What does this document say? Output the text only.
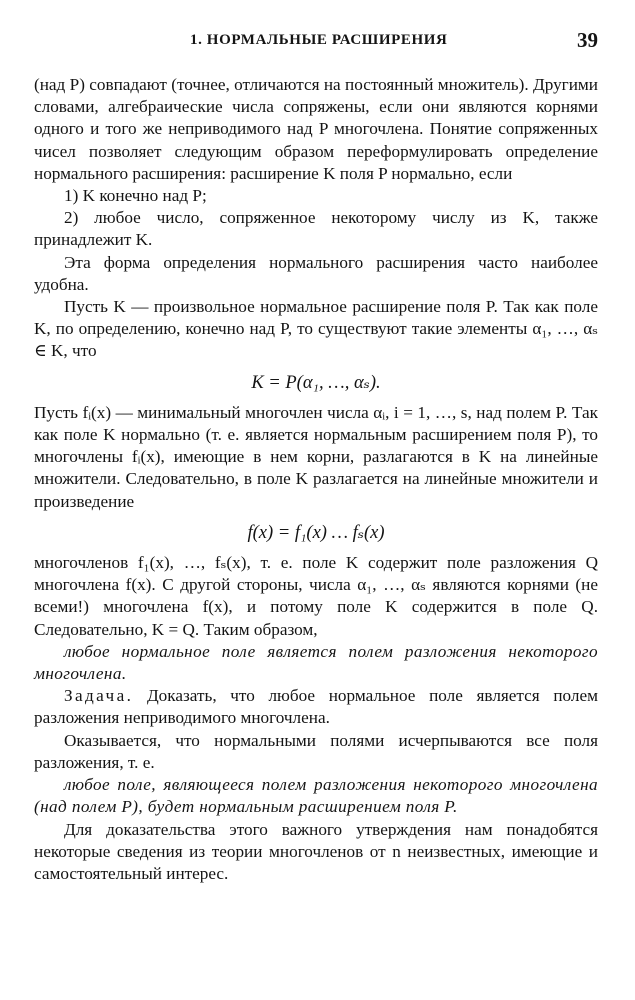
1. НОРМАЛЬНЫЕ РАСШИРЕНИЯ	39

(над P) совпадают (точнее, отличаются на постоянный множитель). Другими словами, алгебраические числа сопряжены, если они являются корнями одного и того же неприводимого над P многочлена. Понятие сопряженных чисел позволяет следующим образом переформулировать определение нормального расширения: расширение K поля P нормально, если

1) K конечно над P;

2) любое число, сопряженное некоторому числу из K, также принадлежит K.

Эта форма определения нормального расширения часто наиболее удобна.

Пусть K — произвольное нормальное расширение поля P. Так как поле K, по определению, конечно над P, то существуют такие элементы α₁, …, αₛ ∈ K, что

K = P(α₁, …, αₛ).

Пусть fᵢ(x) — минимальный многочлен числа αᵢ, i = 1, …, s, над полем P. Так как поле K нормально (т. е. является нормальным расширением поля P), то многочлены fᵢ(x), имеющие в нем корни, разлагаются в K на линейные множители. Следовательно, в поле K разлагается на линейные множители и произведение

f(x) = f₁(x) … fₛ(x)

многочленов f₁(x), …, fₛ(x), т. е. поле K содержит поле разложения Q многочлена f(x). С другой стороны, числа α₁, …, αₛ являются корнями (не всеми!) многочлена f(x), и потому поле K содержится в поле Q. Следовательно, K = Q. Таким образом,

любое нормальное поле является полем разложения некоторого многочлена.

Задача. Доказать, что любое нормальное поле является полем разложения неприводимого многочлена.

Оказывается, что нормальными полями исчерпываются все поля разложения, т. е.

любое поле, являющееся полем разложения некоторого многочлена (над полем P), будет нормальным расширением поля P.

Для доказательства этого важного утверждения нам понадобятся некоторые сведения из теории многочленов от n неизвестных, имеющие и самостоятельный интерес.
